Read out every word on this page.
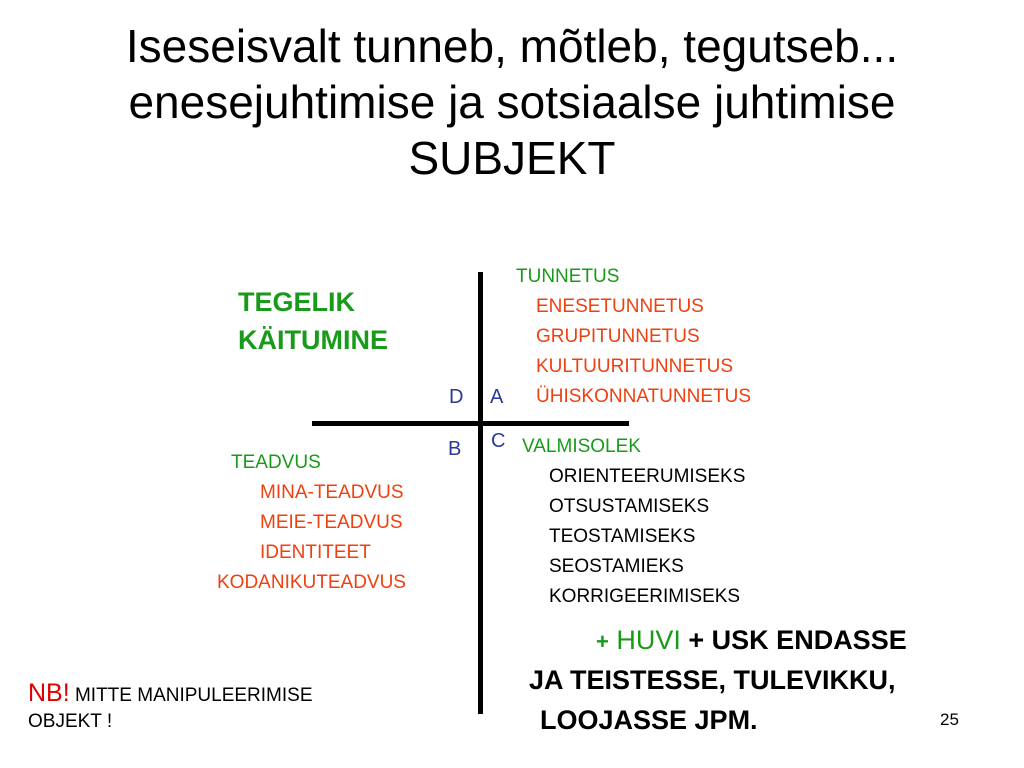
Iseseisvalt tunneb, mõtleb, tegutseb...
enesejuhtimise ja sotsiaalse juhtimise
SUBJEKT
D A
B C
TEGELIK
KÄITUMINE
TUNNETUS
ENESETUNNETUS
GRUPITUNNETUS
KULTUURITUNNETUS
ÜHISKONNATUNNETUS
TEADVUS
MINA-TEADVUS
MEIE-TEADVUS
IDENTITEET
KODANIKUTEADVUS
VALMISOLEK
ORIENTEERUMISEKS
OTSUSTAMISEKS
TEOSTAMISEKS
SEOSTAMIEKS
KORRIGEERIMISEKS
+ HUVI + USK ENDASSE
JA TEISTESSE, TULEVIKKU,
LOOJASSE JPM.
NB! MITTE MANIPULEERIMISE
OBJEKT !	25
